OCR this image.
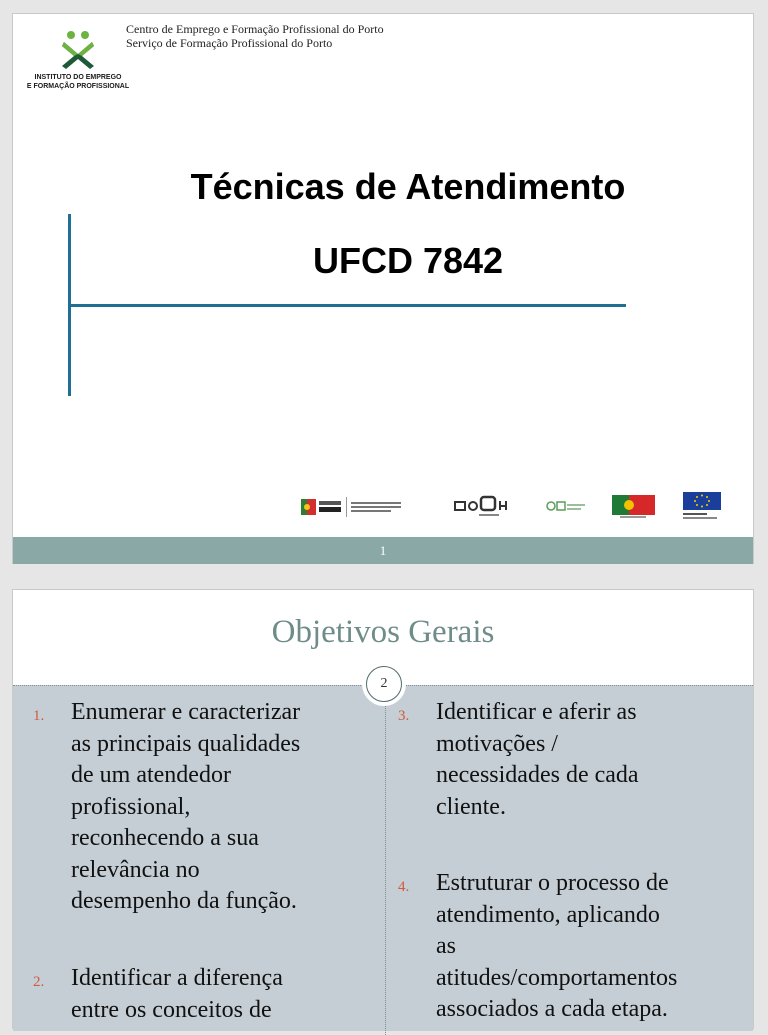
INSTITUTO DO EMPREGO
E FORMAÇÃO PROFISSIONAL
Centro de Emprego e Formação Profissional do Porto
Serviço de Formação Profissional do Porto
Técnicas de Atendimento
UFCD 7842
1
Objetivos Gerais
2
1. Enumerar e caracterizar
as principais qualidades
de um atendedor
profissional,
reconhecendo a sua
relevância no
desempenho da função.
2. Identificar a diferença
entre os conceitos de
3. Identificar e aferir as
motivações /
necessidades de cada
cliente.
4. Estruturar o processo de
atendimento, aplicando
as
atitudes/comportamentos
associados a cada etapa.
